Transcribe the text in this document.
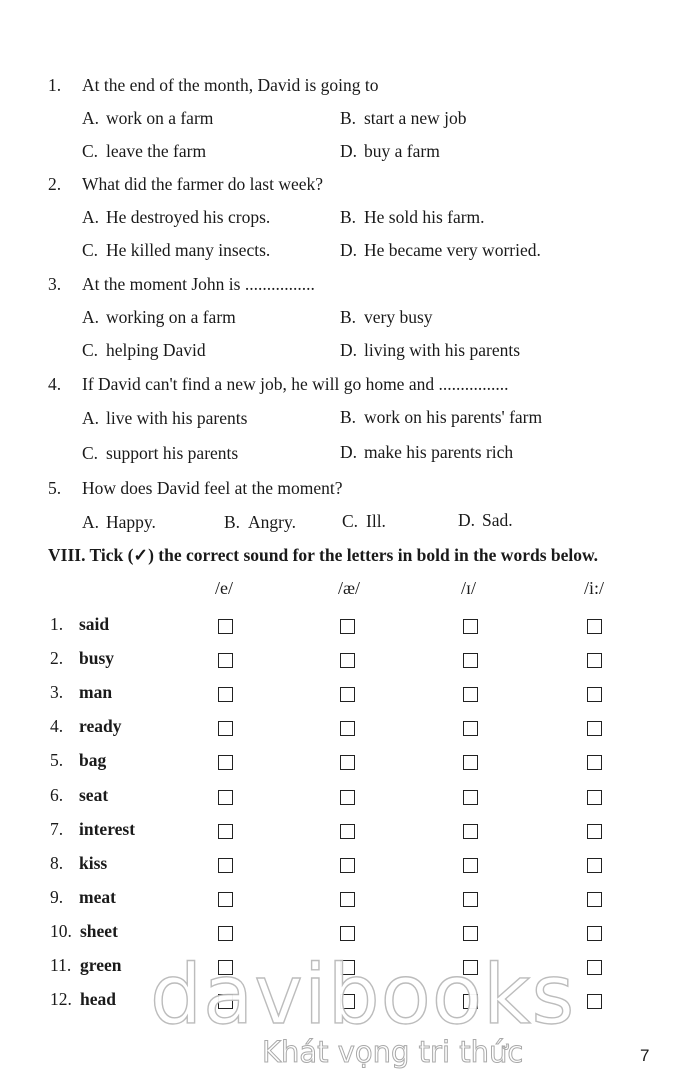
1. At the end of the month, David is going to
A. work on a farm	B. start a new job
C. leave the farm	D. buy a farm
2. What did the farmer do last week?
A. He destroyed his crops.	B. He sold his farm.
C. He killed many insects.	D. He became very worried.
3. At the moment John is ................
A. working on a farm	B. very busy
C. helping David	D. living with his parents
4. If David can't find a new job, he will go home and ................
A. live with his parents	B. work on his parents' farm
C. support his parents	D. make his parents rich
5. How does David feel at the moment?
A. Happy.	B. Angry.	C. Ill.	D. Sad.
VIII. Tick (✓) the correct sound for the letters in bold in the words below.
/e/	/æ/	/ɪ/	/i:/
1. said
2. busy
3. man
4. ready
5. bag
6. seat
7. interest
8. kiss
9. meat
10. sheet
11. green
12. head davibooks
Khát vọng tri thức	7
